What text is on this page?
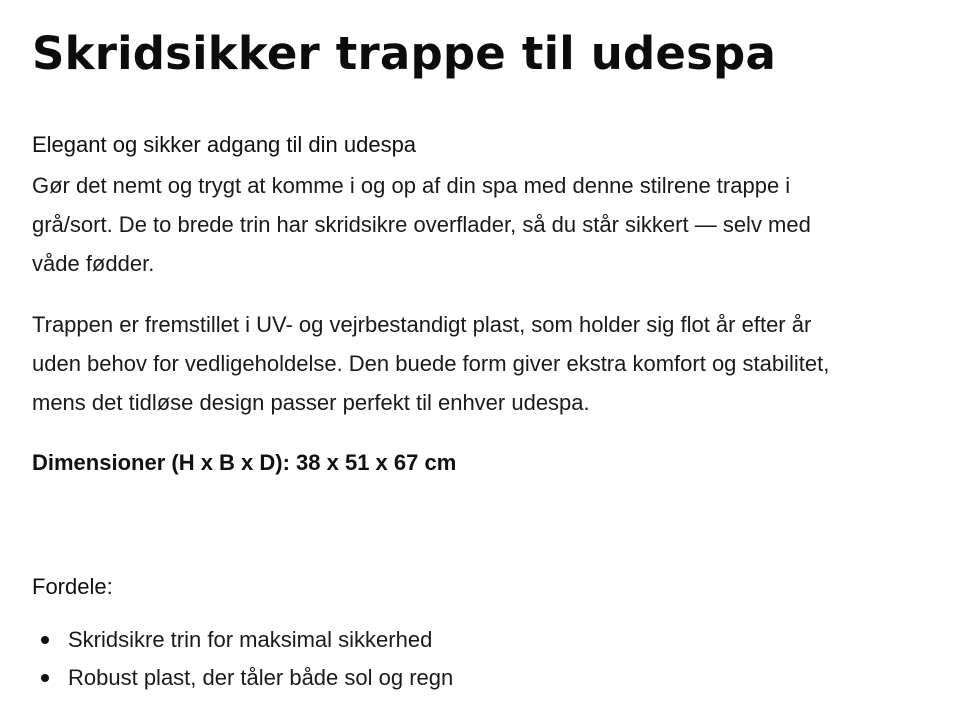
Skridsikker trappe til udespa
Elegant og sikker adgang til din udespa

Gør det nemt og trygt at komme i og op af din spa med denne stilrene trappe i
grå/sort. De to brede trin har skridsikre overflader, så du står sikkert — selv med
våde fødder.

Trappen er fremstillet i UV- og vejrbestandigt plast, som holder sig flot år efter år
uden behov for vedligeholdelse. Den buede form giver ekstra komfort og stabilitet,
mens det tidløse design passer perfekt til enhver udespa.

Dimensioner (H x B x D): 38 x 51 x 67 cm
Fordele:
Skridsikre trin for maksimal sikkerhed
Robust plast, der tåler både sol og regn
